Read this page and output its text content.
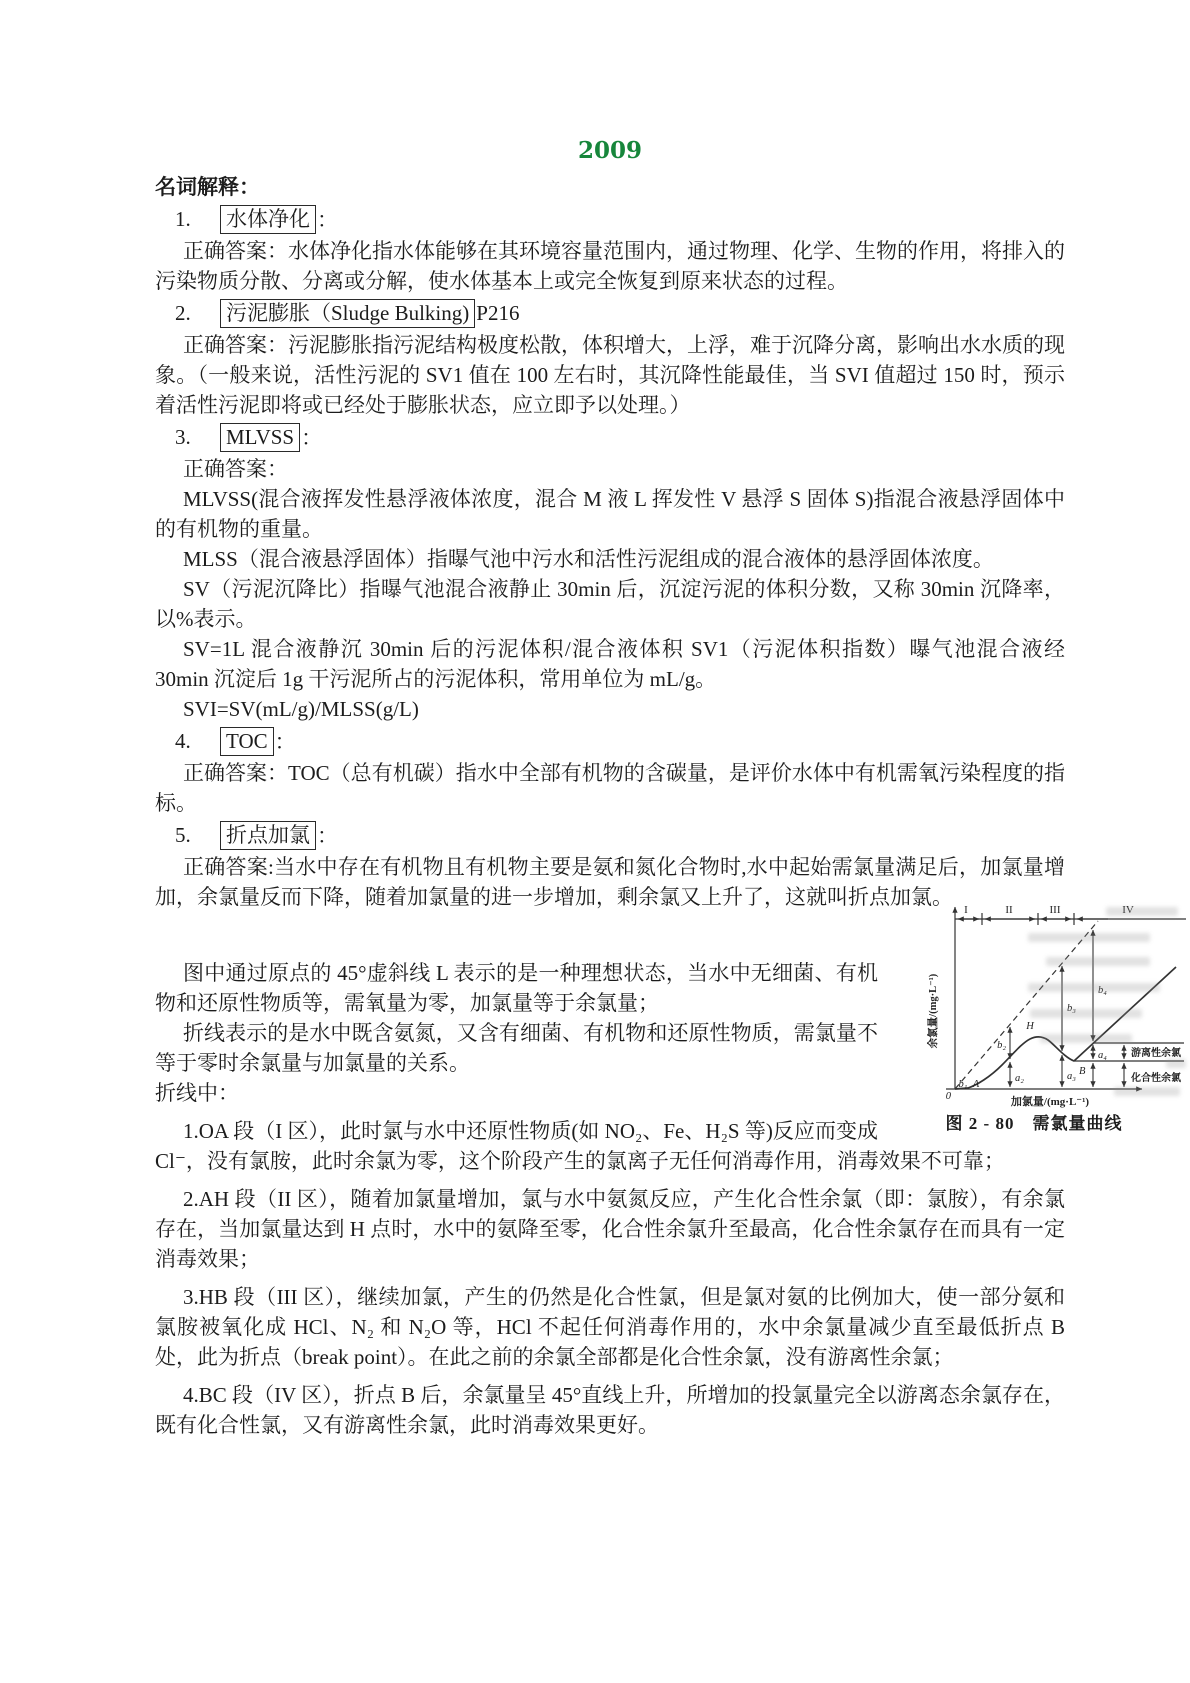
2009
名词解释：
1.	水体净化 ：

正确答案：水体净化指水体能够在其环境容量范围内，通过物理、化学、生物的作用，将排入的污染物质分散、分离或分解，使水体基本上或完全恢复到原来状态的过程。

2.	污泥膨胀（Sludge Bulking) P216

正确答案：污泥膨胀指污泥结构极度松散，体积增大，上浮，难于沉降分离，影响出水水质的现象。（一般来说，活性污泥的 SV1 值在 100 左右时，其沉降性能最佳，当 SVI 值超过 150 时，预示着活性污泥即将或已经处于膨胀状态，应立即予以处理。）

3.	MLVSS ：

正确答案：

MLVSS(混合液挥发性悬浮液体浓度，混合 M 液 L 挥发性 V 悬浮 S 固体 S)指混合液悬浮固体中的有机物的重量。

MLSS（混合液悬浮固体）指曝气池中污水和活性污泥组成的混合液体的悬浮固体浓度。

SV（污泥沉降比）指曝气池混合液静止 30min 后，沉淀污泥的体积分数，又称 30min 沉降率，以%表示。

SV=1L 混合液静沉 30min 后的污泥体积/混合液体积 SV1（污泥体积指数）曝气池混合液经 30min 沉淀后 1g 干污泥所占的污泥体积，常用单位为 mL/g。

SVI=SV(mL/g)/MLSS(g/L)

4.	TOC ：

正确答案：TOC（总有机碳）指水中全部有机物的含碳量，是评价水体中有机需氧污染程度的指标。

5.	折点加氯 ：

正确答案:当水中存在有机物且有机物主要是氨和氮化合物时,水中起始需氯量满足后，加氯量增加，余氯量反而下降，随着加氯量的进一步增加，剩余氯又上升了，这就叫折点加氯。

I	II	III	IV
0
b₁ A
H
B
b₂
a₂
b₃
a₃
b₄
a₄ 游离性余氯
化合性余氯
余氯量/(mg·L⁻¹)
加氯量/(mg·L⁻¹)
图 2 - 80　需氯量曲线

图中通过原点的 45°虚斜线 L 表示的是一种理想状态，当水中无细菌、有机物和还原性物质等，需氧量为零，加氯量等于余氯量；

折线表示的是水中既含氨氮，又含有细菌、有机物和还原性物质，需氯量不等于零时余氯量与加氯量的关系。

折线中：

1.OA 段（I 区），此时氯与水中还原性物质(如 NO₂、Fe、H₂S 等)反应而变成 Cl⁻，没有氯胺，此时余氯为零，这个阶段产生的氯离子无任何消毒作用，消毒效果不可靠；

2.AH 段（II 区），随着加氯量增加，氯与水中氨氮反应，产生化合性余氯（即：氯胺），有余氯存在，当加氯量达到 H 点时，水中的氨降至零，化合性余氯升至最高，化合性余氯存在而具有一定消毒效果；

3.HB 段（III 区），继续加氯，产生的仍然是化合性氯，但是氯对氨的比例加大，使一部分氨和氯胺被氧化成 HCl、N₂ 和 N₂O 等，HCl 不起任何消毒作用的，水中余氯量减少直至最低折点 B 处，此为折点（break point）。在此之前的余氯全部都是化合性余氯，没有游离性余氯；

4.BC 段（IV 区），折点 B 后，余氯量呈 45°直线上升，所增加的投氯量完全以游离态余氯存在，既有化合性氯，又有游离性余氯，此时消毒效果更好。
